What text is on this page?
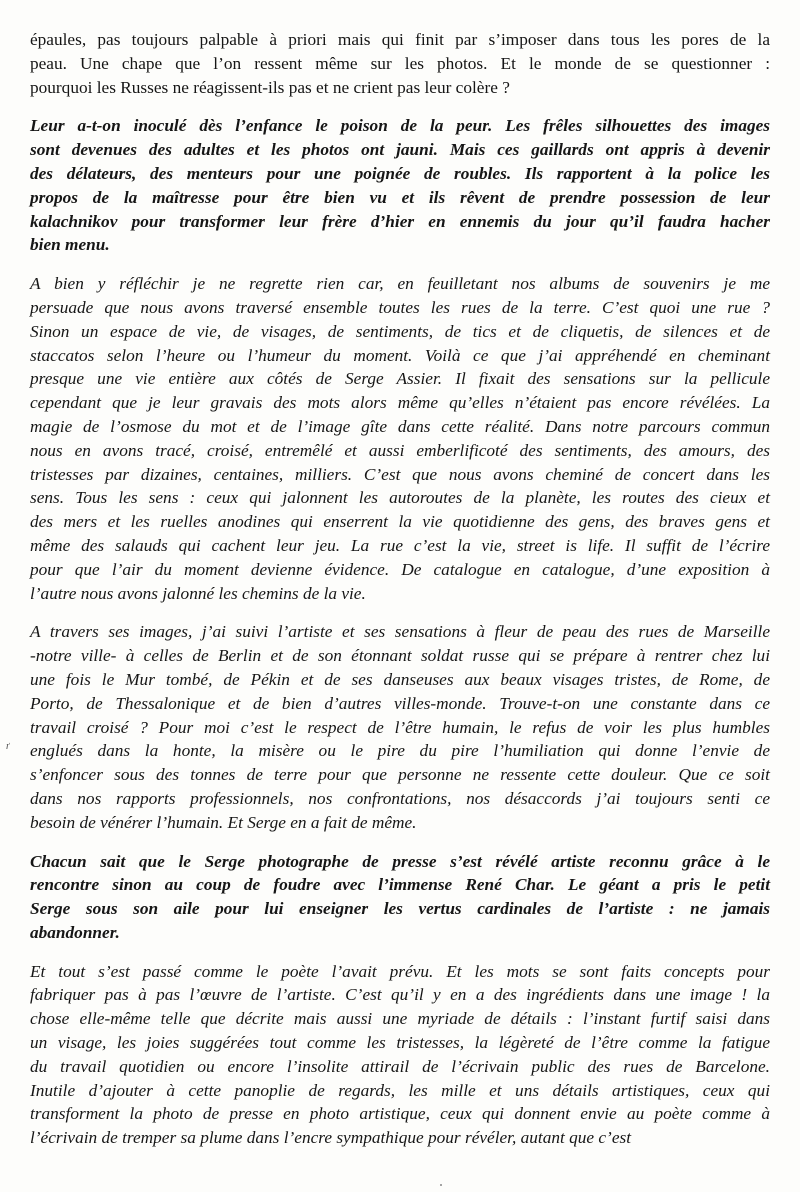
épaules, pas toujours palpable à priori mais qui finit par s’imposer dans tous les pores de la
peau. Une chape que l’on ressent même sur les photos. Et le monde de se questionner :
pourquoi les Russes ne réagissent-ils pas et ne crient pas leur colère ?

Leur a-t-on inoculé dès l’enfance le poison de la peur. Les frêles silhouettes des images
sont devenues des adultes et les photos ont jauni. Mais ces gaillards ont appris à devenir
des délateurs, des menteurs pour une poignée de roubles. Ils rapportent à la police les
propos de la maîtresse pour être bien vu et ils rêvent de prendre possession de leur
kalachnikov pour transformer leur frère d’hier en ennemis du jour qu’il faudra hacher
bien menu.

A bien y réfléchir je ne regrette rien car, en feuilletant nos albums de souvenirs je me
persuade que nous avons traversé ensemble toutes les rues de la terre. C’est quoi une rue ?
Sinon un espace de vie, de visages, de sentiments, de tics et de cliquetis, de silences et de
staccatos selon l’heure ou l’humeur du moment. Voilà ce que j’ai appréhendé en cheminant
presque une vie entière aux côtés de Serge Assier. Il fixait des sensations sur la pellicule
cependant que je leur gravais des mots alors même qu’elles n’étaient pas encore révélées. La
magie de l’osmose du mot et de l’image gîte dans cette réalité. Dans notre parcours commun
nous en avons tracé, croisé, entremêlé et aussi emberlificoté des sentiments, des amours, des
tristesses par dizaines, centaines, milliers. C’est que nous avons cheminé de concert dans les
sens. Tous les sens : ceux qui jalonnent les autoroutes de la planète, les routes des cieux et
des mers et les ruelles anodines qui enserrent la vie quotidienne des gens, des braves gens et
même des salauds qui cachent leur jeu. La rue c’est la vie, street is life. Il suffit de l’écrire
pour que l’air du moment devienne évidence. De catalogue en catalogue, d’une exposition à
l’autre nous avons jalonné les chemins de la vie.

A travers ses images, j’ai suivi l’artiste et ses sensations à fleur de peau des rues de Marseille
-notre ville- à celles de Berlin et de son étonnant soldat russe qui se prépare à rentrer chez lui
une fois le Mur tombé, de Pékin et de ses danseuses aux beaux visages tristes, de Rome, de
Porto, de Thessalonique et de bien d’autres villes-monde. Trouve-t-on une constante dans ce
travail croisé ? Pour moi c’est le respect de l’être humain, le refus de voir les plus humbles
englués dans la honte, la misère ou le pire du pire l’humiliation qui donne l’envie de
s’enfoncer sous des tonnes de terre pour que personne ne ressente cette douleur. Que ce soit
dans nos rapports professionnels, nos confrontations, nos désaccords j’ai toujours senti ce
besoin de vénérer l’humain. Et Serge en a fait de même.

Chacun sait que le Serge photographe de presse s’est révélé artiste reconnu grâce à le
rencontre sinon au coup de foudre avec l’immense René Char. Le géant a pris le petit
Serge sous son aile pour lui enseigner les vertus cardinales de l’artiste : ne jamais
abandonner.

Et tout s’est passé comme le poète l’avait prévu. Et les mots se sont faits concepts pour
fabriquer pas à pas l’œuvre de l’artiste. C’est qu’il y en a des ingrédients dans une image ! la
chose elle-même telle que décrite mais aussi une myriade de détails : l’instant furtif saisi dans
un visage, les joies suggérées tout comme les tristesses, la légèreté de l’être comme la fatigue
du travail quotidien ou encore l’insolite attirail de l’écrivain public des rues de Barcelone.
Inutile d’ajouter à cette panoplie de regards, les mille et uns détails artistiques, ceux qui
transforment la photo de presse en photo artistique, ceux qui donnent envie au poète comme à
l’écrivain de tremper sa plume dans l’encre sympathique pour révéler, autant que c’est

ґ
